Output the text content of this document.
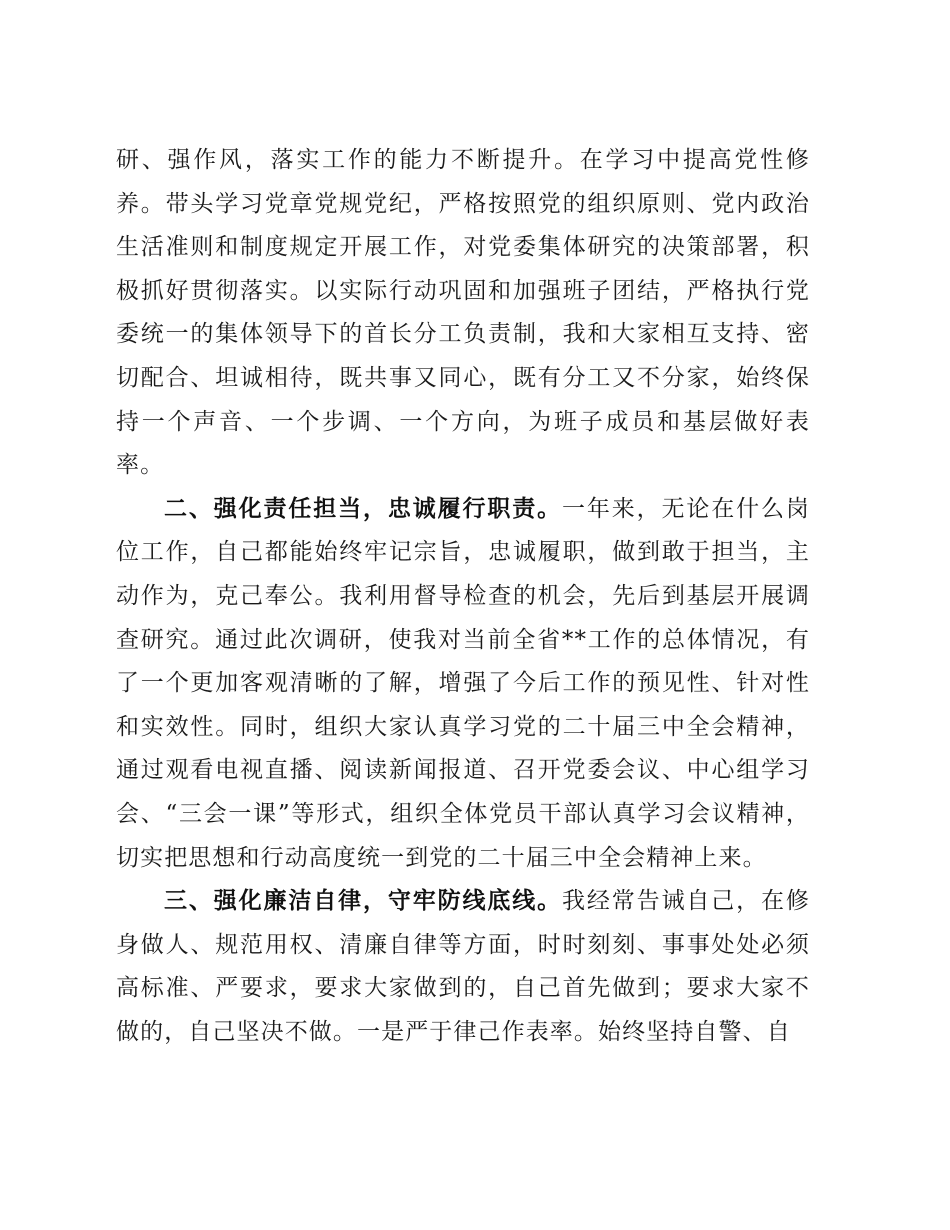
研、强作风，落实工作的能力不断提升。在学习中提高党性修养。带头学习党章党规党纪，严格按照党的组织原则、党内政治生活准则和制度规定开展工作，对党委集体研究的决策部署，积极抓好贯彻落实。以实际行动巩固和加强班子团结，严格执行党委统一的集体领导下的首长分工负责制，我和大家相互支持、密切配合、坦诚相待，既共事又同心，既有分工又不分家，始终保持一个声音、一个步调、一个方向，为班子成员和基层做好表率。

二、强化责任担当，忠诚履行职责。一年来，无论在什么岗位工作，自己都能始终牢记宗旨，忠诚履职，做到敢于担当，主动作为，克己奉公。我利用督导检查的机会，先后到基层开展调查研究。通过此次调研，使我对当前全省**工作的总体情况，有了一个更加客观清晰的了解，增强了今后工作的预见性、针对性和实效性。同时，组织大家认真学习党的二十届三中全会精神，通过观看电视直播、阅读新闻报道、召开党委会议、中心组学习会、“三会一课”等形式，组织全体党员干部认真学习会议精神，切实把思想和行动高度统一到党的二十届三中全会精神上来。

三、强化廉洁自律，守牢防线底线。我经常告诫自己，在修身做人、规范用权、清廉自律等方面，时时刻刻、事事处处必须高标准、严要求，要求大家做到的，自己首先做到；要求大家不做的，自己坚决不做。一是严于律己作表率。始终坚持自警、自
